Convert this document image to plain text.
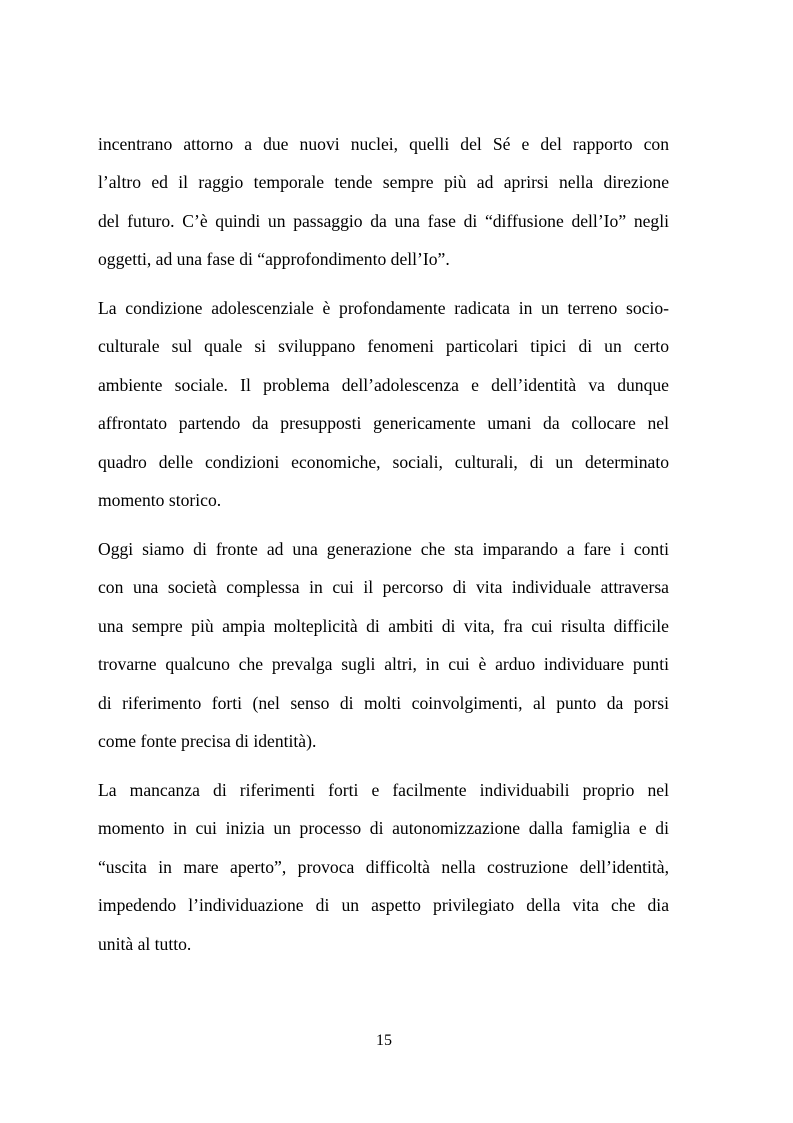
incentrano attorno a due nuovi nuclei, quelli del Sé e del rapporto con
l’altro ed il raggio temporale tende sempre più ad aprirsi nella direzione
del futuro. C’è quindi un passaggio da una fase di “diffusione dell’Io” negli
oggetti, ad una fase di “approfondimento dell’Io”.
La condizione adolescenziale è profondamente radicata in un terreno socio-
culturale sul quale si sviluppano fenomeni particolari tipici di un certo
ambiente sociale. Il problema dell’adolescenza e dell’identità va dunque
affrontato partendo da presupposti genericamente umani da collocare nel
quadro delle condizioni economiche, sociali, culturali, di un determinato
momento storico.
Oggi siamo di fronte ad una generazione che sta imparando a fare i conti
con una società complessa in cui il percorso di vita individuale attraversa
una sempre più ampia molteplicità di ambiti di vita, fra cui risulta difficile
trovarne qualcuno che prevalga sugli altri, in cui è arduo individuare punti
di riferimento forti (nel senso di molti coinvolgimenti, al punto da porsi
come fonte precisa di identità).
La mancanza di riferimenti forti e facilmente individuabili proprio nel
momento in cui inizia un processo di autonomizzazione dalla famiglia e di
“uscita in mare aperto”, provoca difficoltà nella costruzione dell’identità,
impedendo l’individuazione di un aspetto privilegiato della vita che dia
unità al tutto.
15
